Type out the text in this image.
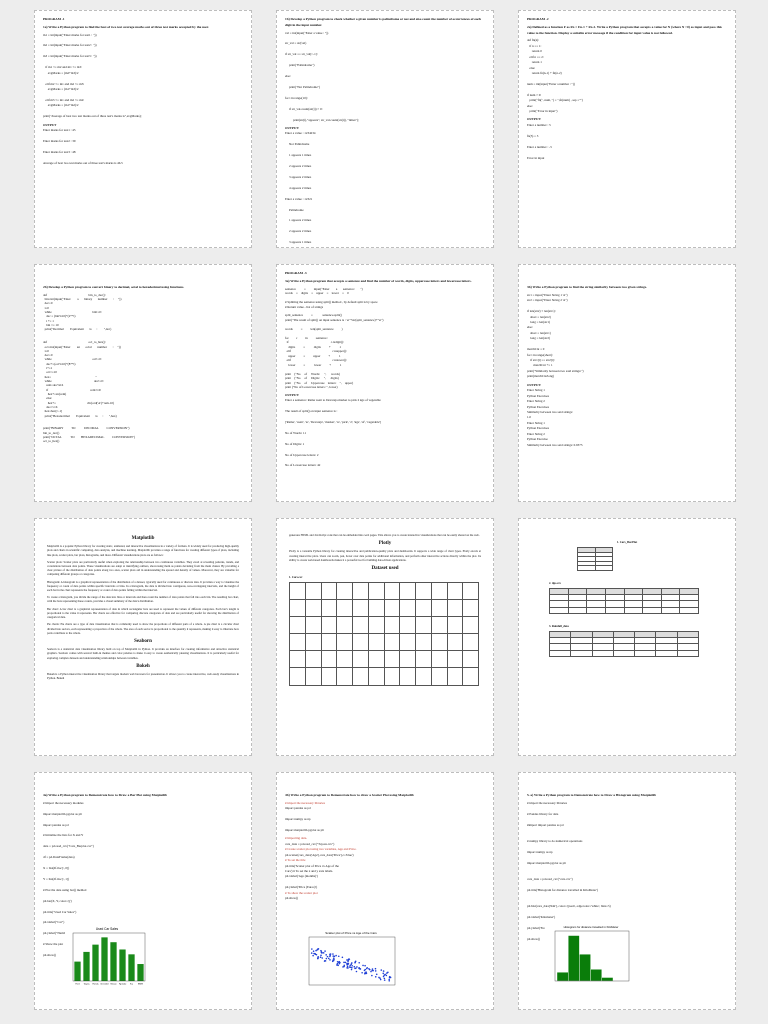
PROGRAM -1
1a) Write a Python program to find the best of two test average marks out of three test marks accepted by the user.
m1 = int(input("Enter marks for test1 : "))

m2 = int(input("Enter marks for test2 : "))

m3 = int(input("Enter marks for test3 : "))

if m1 <= m2 and m1 <= m3:
avgMarks = (m2+m3)/2

elif m2 <= m1 and m2 <= m3:
avgMarks = (m1+m3)/2

elif m3 <= m1 and m2 <= m2:
avgMarks = (m1+m2)/2

print("Average of best two test marks out of three test's marks is",avgMarks);
OUTPUT
Enter marks for test1 : 45

Enter marks for test2 : 39

Enter marks for test3 : 48

Average of best two test marks out of three test's marks is 46.5
1b) Develop a Python program to check whether a given number is palindrome or not and also count the number of occurrences of each digit in the input number.
val = int(input("Enter a value : "))

str_val = str(val)

if str_val == str_val[::-1]:

print("Palindrome")

else:

print("Not Palindrome")

for i in range(10):

if str_val.count(str(i)) > 0:

print(str(i),"appears", str_val.count(str(i)), "times");
OUTPUT:
Enter a value : 1234234

Not Palindrome

1 appears 1 times

2 appears 2 times

3 appears 2 times

4 appears 2 times

Enter a value : 12321

Palindrome

1 appears 2 times

2 appears 2 times

3 appears 1 times
PROGRAM -2
2a) Defined as a function F as Fn = Fn-1 + Fn-2. Write a Python program that accepts a value for N (where N >0) as input and pass this value to the function. Display a suitable error message if the condition for input value is not followed.
def fn(n):
if n == 1:
return 0
elif n == 2:
return 1
else:
return fn(n-1) + fn(n-2)

num = int(input("Enter a number : "))

if num > 0:
print("fn(", num, ") = ",fn(num) , sep ="")
else:
print("Error in input")
OUTPUT:
Enter a number : 5

fn(5) = 3

Enter a number : -5

Error in input
2b) Develop a Python program to convert binary to decimal, octal to hexadecimal using functions.
def                                                    bin_to_dec():
bin=int(input("Enter        a       binary       number       :     "))
dec=0
i=0
while                                                   bin!=0:
dec = (bin%10)*(2**i)
i += 1
bin //= 10
print("Decimal        Equivalent       is      :        ",dec)

def                                                    oct_to_hex():
oct=int(input("Enter        an       octal       number       :     "))
i=0
dec=0
while                                                   oct!=0:
dec+=(oct%10)*(8**i)
i+=1
oct//=10
hex=                                                        ''
while                                                     dec!=0:
rem=dec%16
if                                                     rem<10:
hex+=str(rem)
else:
hex+=                                       chr(ord('A')+rem-10)
dec//=16
hex=hex[::-1]
print("Hexadecimal        Equivalent       is      :       ",hex)

print("BINARY          TO           DECIMAL          CONVERSION")
bin_to_dec()
print("OCTAL           TO        HEXADECIMAL          CONVERSION")
oct_to_hex()
PROGRAM -3
3a) Write a Python program that accepts a sentence and find the number of words, digits, uppercase letters and lowercase letters.
sentence          =          input("Enter        a       sentence:       ")
words    =    digits    =    upper    =    lower    =    0

# Splitting the sentence using split() method , by default split is by space
# Return value - list of strings

split_sentence          =            sentence.split()
print("The result of split() on input sentence is : \n"+str(split_sentence)+"\n")

words          =          len(split_sentence          )

for         c          in          sentence:
if                                                     c.isdigit():
digits          =           digits          +           1
elif                                                    c.isupper():
upper          =          upper          +           1
elif                                                    c.islower():
lower          =           lower          +           1

print    ("No     of     Words:     ",      words)
print    ("No     of     Digits:     ",      digits)
print    ("No     of     Uppercase    letters:    ",    upper)
print ("No of Lowercase letters: ", lower)
OUTPUT:
Enter a sentence: Rama went to Devaraja market to pick 2 kgs of vegetable

The result of split() on input sentence is :

['Rama', 'went', 'to', 'Devaraja', 'market', 'to', 'pick', '2', 'kgs', 'of', 'vegetable']

No of Words: 11

No of Digits: 1

No of Uppercase letters: 2

No of Lowercase letters: 42
3b) Write a Python program to find the string similarity between two given strings.
str1 = input("Enter String 1 \n")
str2 = input("Enter String 2 \n")

if len(str2) < len(str1):
short = len(str2)
long = len(str1)
else:
short = len(str1)
long = len(str2)

matchCnt = 0
for i in range(short):
if str1[i] == str2[i]:
matchCnt += 1
print("Similarity between two said strings:")
print(matchCnt/long)
OUTPUT:
Enter String 1
Python Exercises
Enter String 2
Python Exercises
Similarity between two said strings:
1.0
Enter String 1
Python Exercises
Enter String 2
Python Exercise
Similarity between two said strings: 0.9375
Matplotlib

Matplotlib is a popular Python library for creating static, animated, and interactive visualizations in a variety of formats. It is widely used for producing high-quality plots and charts in scientific computing, data analysis, and machine learning. Matplotlib provides a range of functions for creating different types of plots, including line plots, scatter plots, bar plots, histograms, and more. Different visualizations plots are as follows:

Scatter plots: Scatter plots are particularly useful when exploring the relationship between two continuous variables. They excel at revealing patterns, trends, and correlations between data points. These visualizations are adept at identifying outliers, showcasing them as points deviating from the main cluster. By providing a clear picture of the distribution of data points along two axes, scatter plots aid in understanding the spread and density of values. Moreover, they are valuable for comparing different groups or categories.

Histogram: A histogram is a graphical representation of the distribution of a dataset, typically used for continuous or discrete data. It provides a way to visualize the frequency or count of data points within specific intervals or bins. In a histogram, the data is divided into contiguous, non-overlapping intervals, and the height of each bar in the chart represents the frequency or count of data points falling within that interval.

To create a histogram, you divide the range of the data into bins or intervals and then count the number of data points that fall into each bin. The resulting bar chart, with the bars representing these counts, provides a visual summary of the data's distribution.

Bar chart: A bar chart is a graphical representation of data in which rectangular bars are used to represent the values of different categories. Each bar's length is proportional to the value it represents. Bar charts are effective for comparing discrete categories of data and are particularly useful for showing the distribution of categorical data.

Pie charts: Pie charts are a type of data visualization that is commonly used to show the proportions of different parts of a whole. A pie chart is a circular chart divided into sectors, each representing a proportion of the whole. The area of each sector is proportional to the quantity it represents, making it easy to illustrate how parts contribute to the whole.

Seaborn

Seaborn is a statistical data visualization library built on top of Matplotlib in Python. It provides an interface for creating informative and attractive statistical graphics. Seaborn comes with several built-in themes and color palettes to make it easy to create aesthetically pleasing visualizations. It is particularly useful for exploring complex datasets and understanding relationships between variables.

Bokeh

Bokeh is a Python interactive visualization library that targets modern web browsers for presentation. It allows you to create interactive, web-ready visualizations in Python. Bokeh

generates HTML and JavaScript code that can be embedded into web pages. This allows you to create interactive visualizations that can be easily shared on the web.

Plotly

Plotly is a versatile Python library for creating interactive and publication-quality plots and dashboards. It supports a wide range of chart types. Plotly excels at creating interactive plots. Users can zoom, pan, hover over data points for additional information, and perform other interactive actions directly within the plot. Its ability to create web-based dashboards makes it a powerful tool for building data-driven applications.

Dataset used
1. Cars.csv

1. Cars_Bar.Plot

2. tips.csv

3. Rainfall_data

4a) Write a Python program to Demonstrate how to Draw a Bar Plot using Matplotlib
# Import the necessary modules

import matplotlib.pyplot as plt

import pandas as pd

# Initialize the lists for X and Y

data = pd.read_csv("Cars_Barplot.csv")

df = pd.DataFrame(data)

X = list(df.iloc[:, 0])

Y = list(df.iloc[:, 1])

# Plot the data using bar() method

plt.bar(X, Y, color='g')

plt.title("Used Car Sales")

plt.xlabel("Car")

plt.ylabel("Number Sold")

# Show the plot

plt.show()
Used Car Sales
Ford Toyota	Honda Chevrolet Nissan Hyundai Kia	BMW
4b) Write a Python program to Demonstrate how to draw a Scatter Plot using Matplotlib
# import the necessary libraries
import pandas as pd

import numpy as np

import matplotlib.pyplot as plt
# Importing data.
cars_data = pd.read_csv("Toyota.csv")
# Create scatter plot using two variables, Age and Price.
plt.scatter(cars_data['Age'],cars_data['Price'],c='blue')
# To set the title
plt.title('Scatter plot of Price vs Age of the
Cars') # To set the x and y axis labels.
plt.xlabel('Age (months)')

plt.ylabel('Price (Euros)')
# To show the scatter plot
plt.show()
Scatter plot of Price vs Age of the Cars
5. a) Write a Python program to Demonstrate how to Draw a Histogram using Matplotlib
# import the necessary libraries

# Pandas library for data

#import import pandas as pd

# numpy library to do numerical operations

import numpy as np

import matplotlib.pyplot as plt

cars_data = pd.read_csv("cars.csv")

plt.title('Histogram for distance travelled in KiloMeter')

plt.hist(cars_data['Km'], color='green', edgecolor='white', bins=5)

plt.xlabel('Kilometer')

plt.ylabel('Frequency')

plt.show()
Histogram for distance travelled in KiloMeter
